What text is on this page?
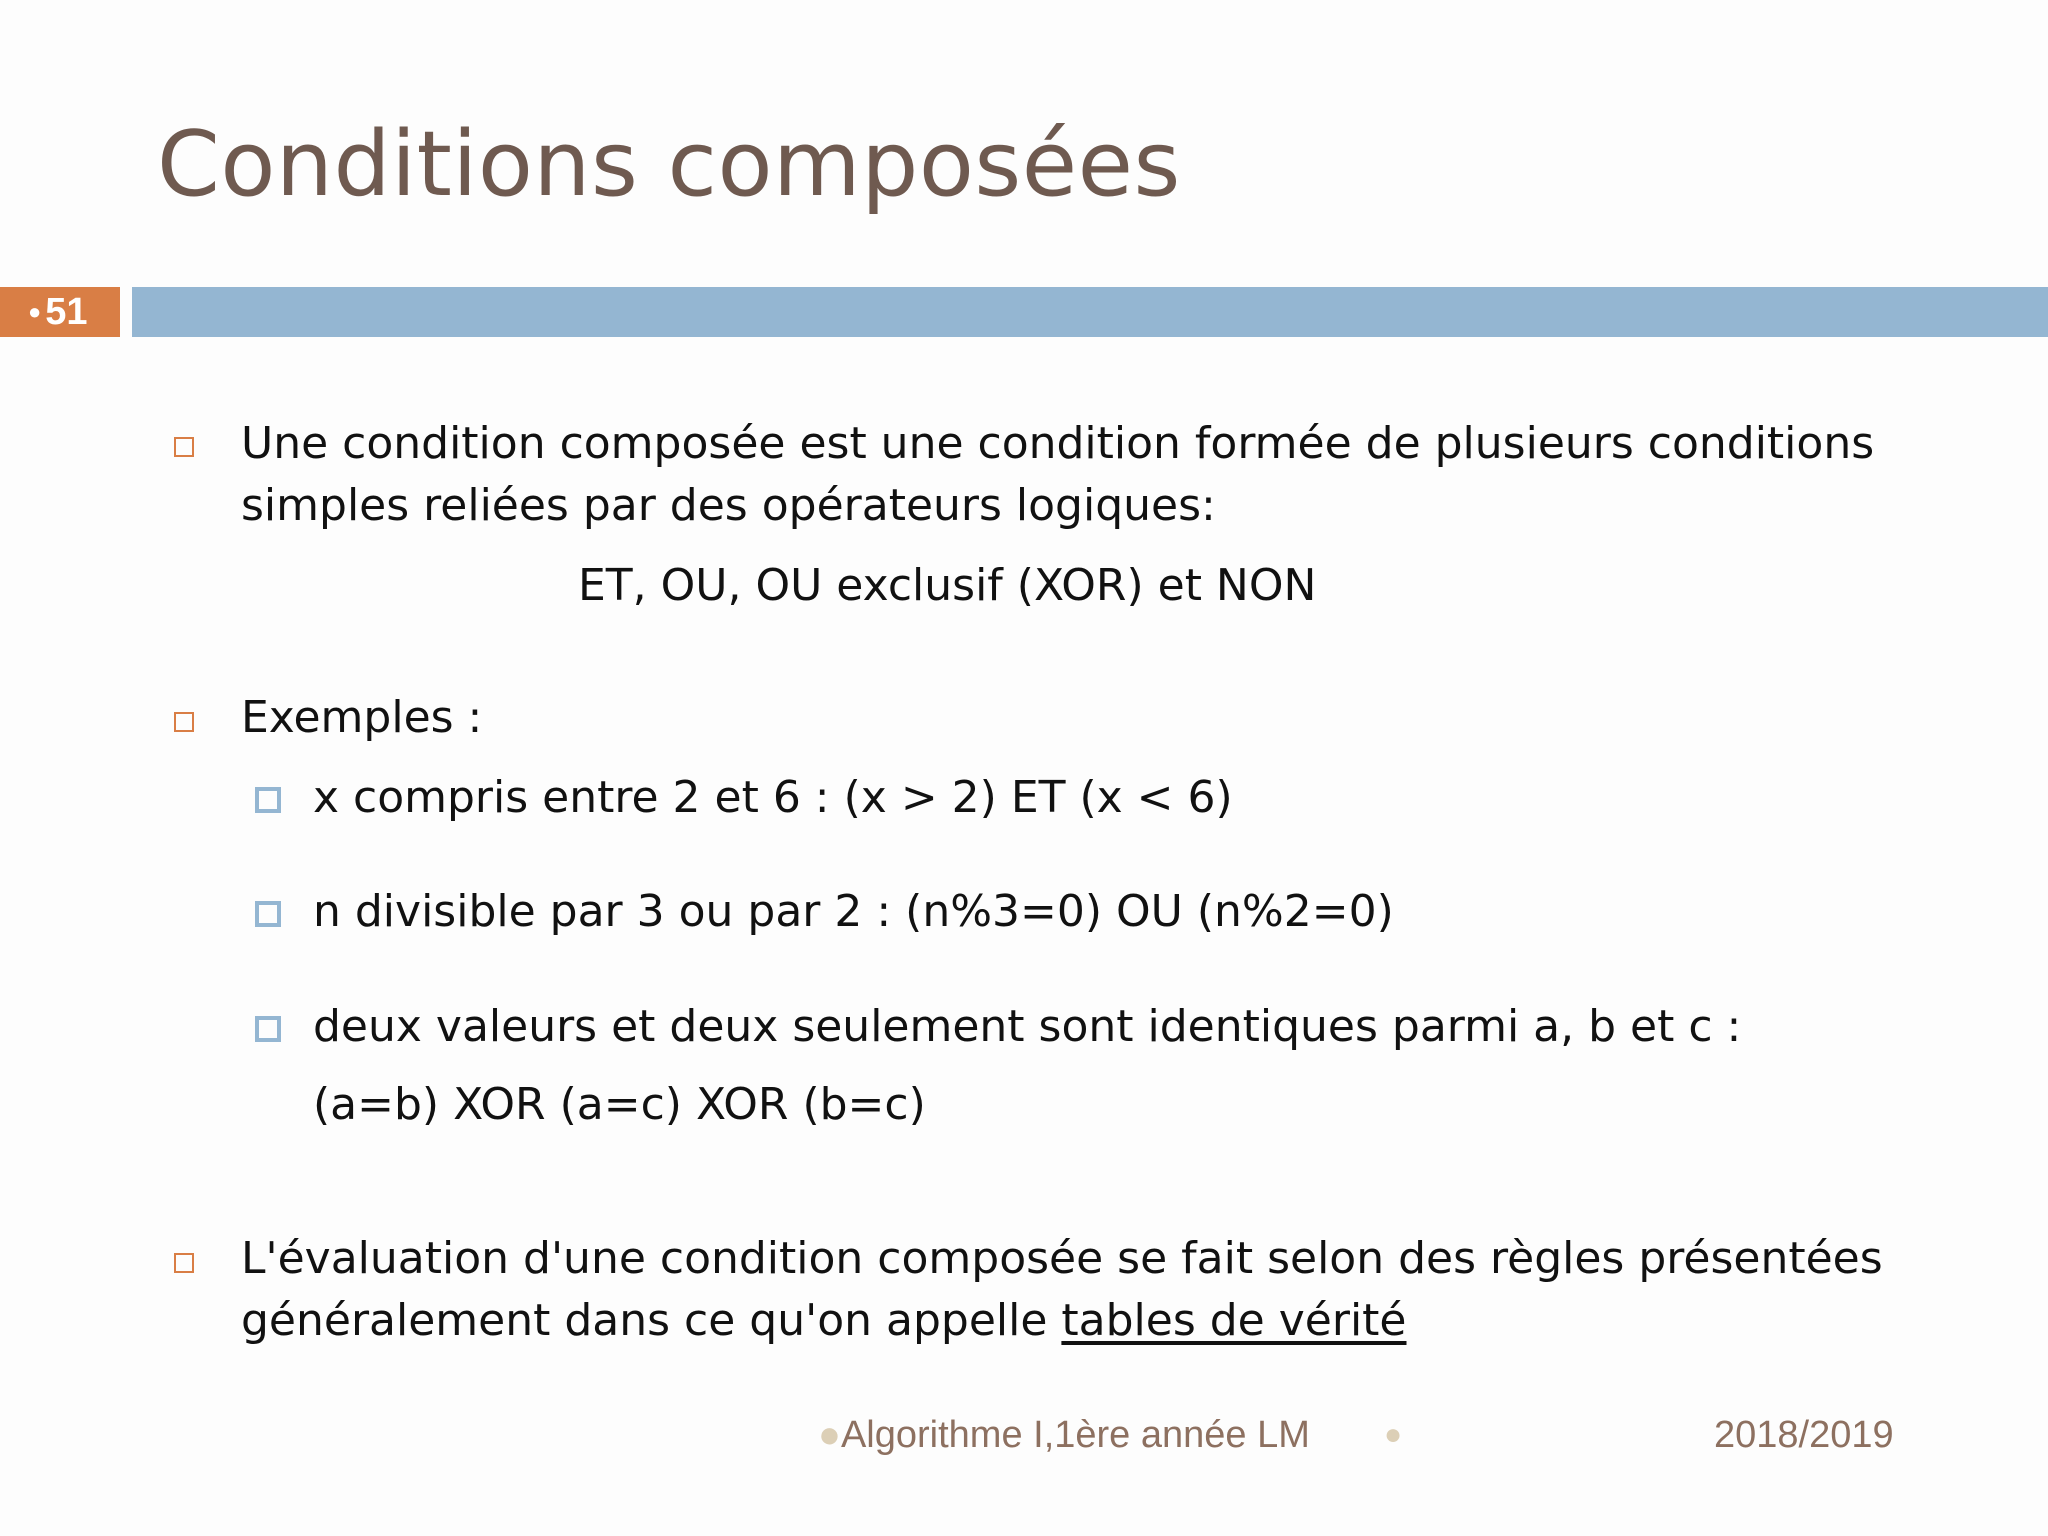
Conditions composées
● 51
Une condition composée est une condition formée de plusieurs conditions
simples reliées par des opérateurs logiques:
ET, OU, OU exclusif (XOR) et NON
Exemples :
x compris entre 2 et 6 : (x > 2) ET (x < 6)
n divisible par 3 ou par 2 : (n%3=0) OU (n%2=0)
deux valeurs et deux seulement sont identiques parmi a, b et c :
(a=b) XOR (a=c) XOR (b=c)
L'évaluation d'une condition composée se fait selon des règles présentées
généralement dans ce qu'on appelle tables de vérité
●Algorithme I,1ère année LM ●	2018/2019
